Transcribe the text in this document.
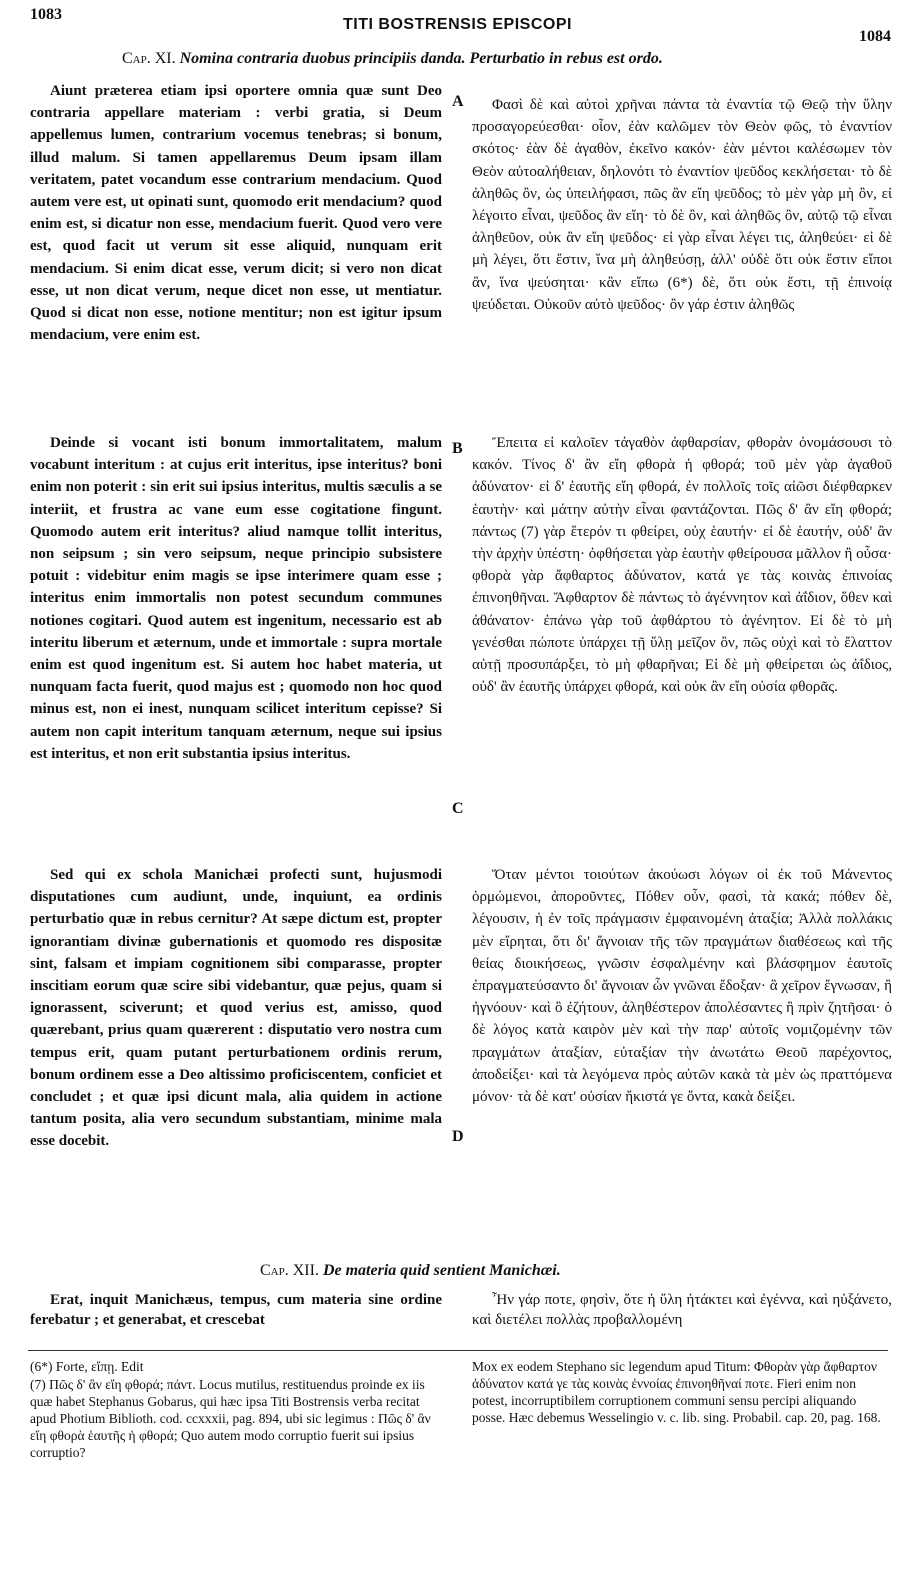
1083
TITI BOSTRENSIS EPISCOPI
1084
Cap. XI. Nomina contraria duobus principiis danda. Perturbatio in rebus est ordo.

Aiunt præterea etiam ipsi oportere omnia quæ sunt Deo contraria appellare materiam : verbi gratia, si Deum appellemus lumen, contrarium vocemus tenebras; si bonum, illud malum. Si tamen appellaremus Deum ipsam illam veritatem, patet vocandum esse contrarium mendacium. Quod autem vere est, ut opinati sunt, quomodo erit mendacium? quod enim est, si dicatur non esse, mendacium fuerit. Quod vero vere est, quod facit ut verum sit esse aliquid, nunquam erit mendacium. Si enim dicat esse, verum dicit; si vero non dicat esse, ut non dicat verum, neque dicet non esse, ut mentiatur. Quod si dicat non esse, notione mentitur; non est igitur ipsum mendacium, vere enim est.

Deinde si vocant isti bonum immortalitatem, malum vocabunt interitum : at cujus erit interitus, ipse interitus? boni enim non poterit : sin erit sui ipsius interitus, multis sæculis a se interiit, et frustra ac vane eum esse cogitatione fingunt. Quomodo autem erit interitus? aliud namque tollit interitus, non seipsum ; sin vero seipsum, neque principio subsistere potuit : videbitur enim magis se ipse interimere quam esse ; interitus enim immortalis non potest secundum communes notiones cogitari. Quod autem est ingenitum, necessario est ab interitu liberum et æternum, unde et immortale : supra mortale enim est quod ingenitum est. Si autem hoc habet materia, ut nunquam facta fuerit, quod majus est ; quomodo non hoc quod minus est, non ei inest, nunquam scilicet interitum cepisse? Si autem non capit interitum tanquam æternum, neque sui ipsius est interitus, et non erit substantia ipsius interitus.

Sed qui ex schola Manichæi profecti sunt, hujusmodi disputationes cum audiunt, unde, inquiunt, ea ordinis perturbatio quæ in rebus cernitur? At sæpe dictum est, propter ignorantiam divinæ gubernationis et quomodo res dispositæ sint, falsam et impiam cognitionem sibi comparasse, propter inscitiam eorum quæ scire sibi videbantur, quæ pejus, quam si ignorassent, sciverunt; et quod verius est, amisso, quod quærebant, prius quam quærerent : disputatio vero nostra cum tempus erit, quam putant perturbationem ordinis rerum, bonum ordinem esse a Deo altissimo proficiscentem, conficiet et concludet ; et quæ ipsi dicunt mala, alia quidem in actione tantum posita, alia vero secundum substantiam, minime mala esse docebit.

A
B
C
D

Φασὶ δὲ καὶ αὐτοὶ χρῆναι πάντα τὰ ἐναντία τῷ Θεῷ τὴν ὕλην προσαγορεύεσθαι· οἷον, ἐὰν καλῶμεν τὸν Θεὸν φῶς, τὸ ἐναντίον σκότος· ἐὰν δὲ ἀγαθὸν, ἐκεῖνο κακόν· ἐὰν μέντοι καλέσωμεν τὸν Θεὸν αὐτοαλήθειαν, δηλονότι τὸ ἐναντίον ψεῦδος κεκλήσεται· τὸ δὲ ἀληθῶς ὂν, ὡς ὑπειλήφασι, πῶς ἂν εἴη ψεῦδος; τὸ μὲν γὰρ μὴ ὂν, εἰ λέγοιτο εἶναι, ψεῦδος ἂν εἴη· τὸ δὲ ὂν, καὶ ἀληθῶς ὂν, αὐτῷ τῷ εἶναι ἀληθεῦον, οὐκ ἂν εἴη ψεῦδος· εἰ γὰρ εἶναι λέγει τις, ἀληθεύει· εἰ δὲ μὴ λέγει, ὅτι ἔστιν, ἵνα μὴ ἀληθεύσῃ, ἀλλ' οὐδὲ ὅτι οὐκ ἔστιν εἴποι ἂν, ἵνα ψεύσηται· κἂν εἴπω (6*) δὲ, ὅτι οὐκ ἔστι, τῇ ἐπινοίᾳ ψεύδεται. Οὐκοῦν αὐτὸ ψεῦδος· ὂν γάρ ἐστιν ἀληθῶς

Ἔπειτα εἰ καλοῖεν τἀγαθὸν ἀφθαρσίαν, φθορὰν ὀνομάσουσι τὸ κακόν. Τίνος δ' ἂν εἴη φθορὰ ἡ φθορά; τοῦ μὲν γὰρ ἀγαθοῦ ἀδύνατον· εἰ δ' ἑαυτῆς εἴη φθορά, ἐν πολλοῖς τοῖς αἰῶσι διέφθαρκεν ἑαυτὴν· καὶ μάτην αὐτὴν εἶναι φαντάζονται. Πῶς δ' ἂν εἴη φθορά; πάντως (7) γὰρ ἕτερόν τι φθείρει, οὐχ ἑαυτήν· εἰ δὲ ἑαυτήν, οὐδ' ἂν τὴν ἀρχὴν ὑπέστη· ὀφθήσεται γὰρ ἑαυτὴν φθείρουσα μᾶλλον ἢ οὖσα· φθορὰ γὰρ ἄφθαρτος ἀδύνατον, κατά γε τὰς κοινὰς ἐπινοίας ἐπινοηθῆναι. Ἄφθαρτον δὲ πάντως τὸ ἀγέννητον καὶ ἀΐδιον, ὅθεν καὶ ἀθάνατον· ἐπάνω γὰρ τοῦ ἀφθάρτου τὸ ἀγένητον. Εἰ δὲ τὸ μὴ γενέσθαι πώποτε ὑπάρχει τῇ ὕλῃ μεῖζον ὂν, πῶς οὐχὶ καὶ τὸ ἔλαττον αὐτῇ προσυπάρξει, τὸ μὴ φθαρῆναι; Εἰ δὲ μὴ φθείρεται ὡς ἀΐδιος, οὐδ' ἂν ἑαυτῆς ὑπάρχει φθορά, καὶ οὐκ ἂν εἴη οὐσία φθορᾶς.

Ὅταν μέντοι τοιούτων ἀκούωσι λόγων οἱ ἐκ τοῦ Μάνεντος ὁρμώμενοι, ἀποροῦντες, Πόθεν οὖν, φασὶ, τὰ κακά; πόθεν δὲ, λέγουσιν, ἡ ἐν τοῖς πράγμασιν ἐμφαινομένη ἀταξία; Ἀλλὰ πολλάκις μὲν εἴρηται, ὅτι δι' ἄγνοιαν τῆς τῶν πραγμάτων διαθέσεως καὶ τῆς θείας διοικήσεως, γνῶσιν ἐσφαλμένην καὶ βλάσφημον ἑαυτοῖς ἐπραγματεύσαντο δι' ἄγνοιαν ὧν γνῶναι ἔδοξαν· ἃ χεῖρον ἔγνωσαν, ἢ ἠγνόουν· καὶ ὃ ἐζήτουν, ἀληθέστερον ἀπολέσαντες ἢ πρὶν ζητῆσαι· ὁ δὲ λόγος κατὰ καιρὸν μὲν καὶ τὴν παρ' αὐτοῖς νομιζομένην τῶν πραγμάτων ἀταξίαν, εὐταξίαν τὴν ἀνωτάτω Θεοῦ παρέχοντος, ἀποδείξει· καὶ τὰ λεγόμενα πρὸς αὐτῶν κακὰ τὰ μὲν ὡς πραττόμενα μόνον· τὰ δὲ κατ' οὐσίαν ἥκιστά γε ὄντα, κακὰ δείξει.

Cap. XII. De materia quid sentient Manichæi.

Erat, inquit Manichæus, tempus, cum materia sine ordine ferebatur ; et generabat, et crescebat

Ἦν γάρ ποτε, φησὶν, ὅτε ἡ ὕλη ἠτάκτει καὶ ἐγέννα, καὶ ηὐξάνετο, καὶ διετέλει πολλὰς προβαλλομένη

(6*) Forte, εἴπῃ. Edit

(7) Πῶς δ' ἂν εἴη φθορά; πάντ. Locus mutilus, restituendus proinde ex iis quæ habet Stephanus Gobarus, qui hæc ipsa Titi Bostrensis verba recitat apud Photium Biblioth. cod. ccxxxii, pag. 894, ubi sic legimus : Πῶς δ' ἂν εἴη φθορὰ ἑαυτῆς ἡ φθορά; Quo autem modo corruptio fuerit sui ipsius corruptio?

Mox ex eodem Stephano sic legendum apud Titum: Φθορὰν γὰρ ἄφθαρτον ἀδύνατον κατά γε τὰς κοινὰς ἐννοίας ἐπινοηθῆναί ποτε. Fieri enim non potest, incorruptibilem corruptionem communi sensu percipi aliquando posse. Hæc debemus Wesselingio v. c. lib. sing. Probabil. cap. 20, pag. 168.
